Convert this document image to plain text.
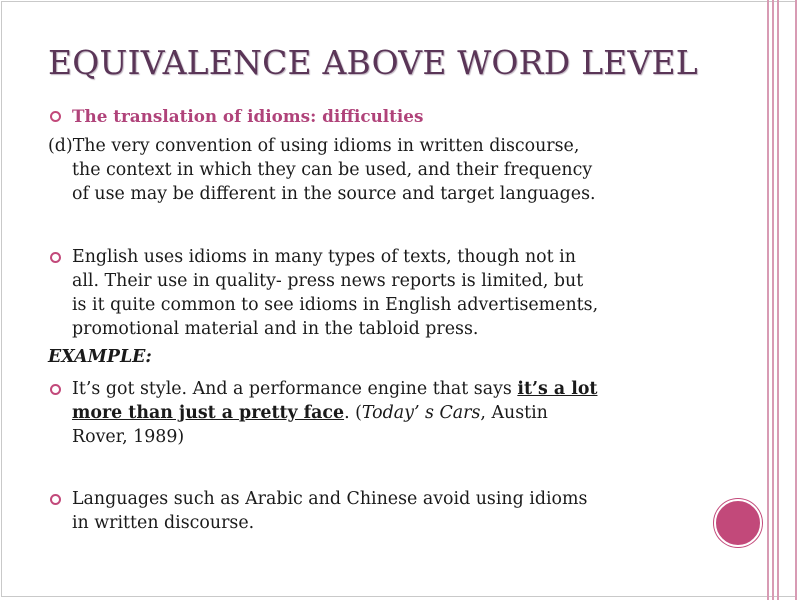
EQUIVALENCE ABOVE WORD LEVEL
The translation of idioms: difficulties
(d)The very convention of using idioms in written discourse,
the context in which they can be used, and their frequency
of use may be different in the source and target languages.
English uses idioms in many types of texts, though not in
all. Their use in quality- press news reports is limited, but
is it quite common to see idioms in English advertisements,
promotional material and in the tabloid press.
EXAMPLE:
It’s got style. And a performance engine that says it’s a lot
more than just a pretty face. (Today’ s Cars, Austin
Rover, 1989)
Languages such as Arabic and Chinese avoid using idioms
in written discourse.
